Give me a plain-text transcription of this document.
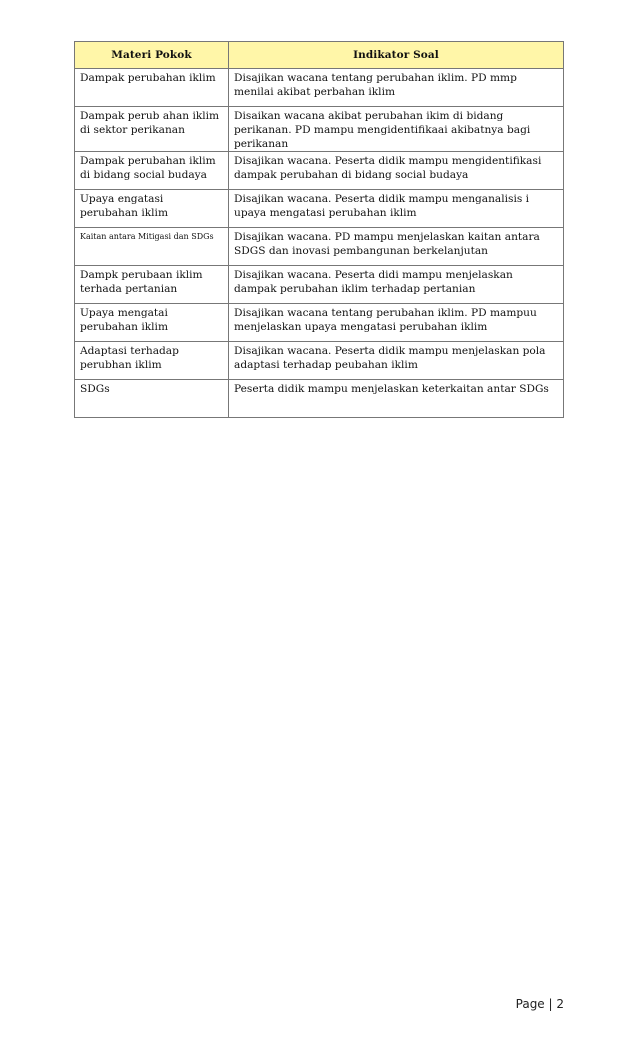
Materi Pokok	Indikator Soal
Dampak perubahan iklim	Disajikan wacana tentang perubahan iklim. PD mmp menilai akibat perbahan iklim
Dampak perub ahan iklim di sektor perikanan	Disaikan wacana akibat perubahan ikim di bidang perikanan. PD mampu mengidentifikaai akibatnya bagi perikanan
Dampak perubahan iklim di bidang social budaya	Disajikan wacana. Peserta didik mampu mengidentifikasi dampak perubahan di bidang social budaya
Upaya engatasi perubahan iklim	Disajikan wacana. Peserta didik mampu menganalisis i upaya mengatasi perubahan iklim
Kaitan antara Mitigasi dan SDGs	Disajikan wacana. PD mampu menjelaskan kaitan antara SDGS dan inovasi pembangunan berkelanjutan
Dampk perubaan iklim terhada pertanian	Disajikan wacana. Peserta didi mampu menjelaskan dampak perubahan iklim terhadap pertanian
Upaya mengatai perubahan iklim	Disajikan wacana tentang perubahan iklim. PD mampuu menjelaskan upaya mengatasi perubahan iklim
Adaptasi terhadap perubhan iklim	Disajikan wacana. Peserta didik mampu menjelaskan pola adaptasi terhadap peubahan iklim
SDGs	Peserta didik mampu menjelaskan keterkaitan antar SDGs
Page | 2
